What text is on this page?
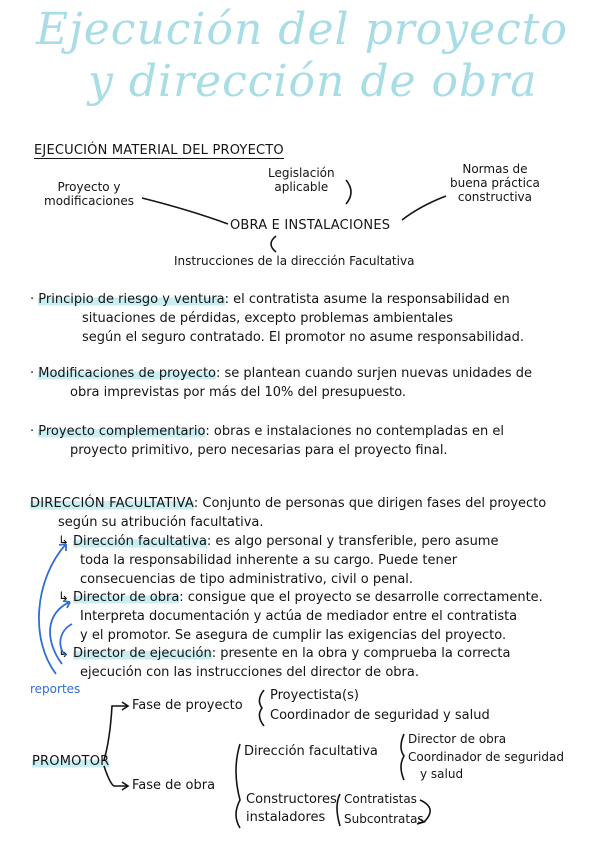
Ejecución del proyecto
y dirección de obra
EJECUCIÓN MATERIAL DEL PROYECTO
Proyecto y
modificaciones
Legislación
aplicable
Normas de
buena práctica
constructiva
OBRA E INSTALACIONES
Instrucciones de la dirección Facultativa
· Principio de riesgo y ventura: el contratista asume la responsabilidad en
situaciones de pérdidas, excepto problemas ambientales
según el seguro contratado. El promotor no asume responsabilidad.
· Modificaciones de proyecto: se plantean cuando surjen nuevas unidades de
obra imprevistas por más del 10% del presupuesto.
· Proyecto complementario: obras e instalaciones no contempladas en el
proyecto primitivo, pero necesarias para el proyecto final.
DIRECCIÓN FACULTATIVA: Conjunto de personas que dirigen fases del proyecto
según su atribución facultativa.
↳ Dirección facultativa: es algo personal y transferible, pero asume
toda la responsabilidad inherente a su cargo. Puede tener
consecuencias de tipo administrativo, civil o penal.
↳ Director de obra: consigue que el proyecto se desarrolle correctamente.
Interpreta documentación y actúa de mediador entre el contratista
y el promotor. Se asegura de cumplir las exigencias del proyecto.
↳ Director de ejecución: presente en la obra y comprueba la correcta
ejecución con las instrucciones del director de obra.
reportes
PROMOTOR
Fase de proyecto
Proyectista(s)
Coordinador de seguridad y salud
Fase de obra
Dirección facultativa
Director de obra
Coordinador de seguridad
y salud
Constructores
instaladores
Contratistas
Subcontratas
